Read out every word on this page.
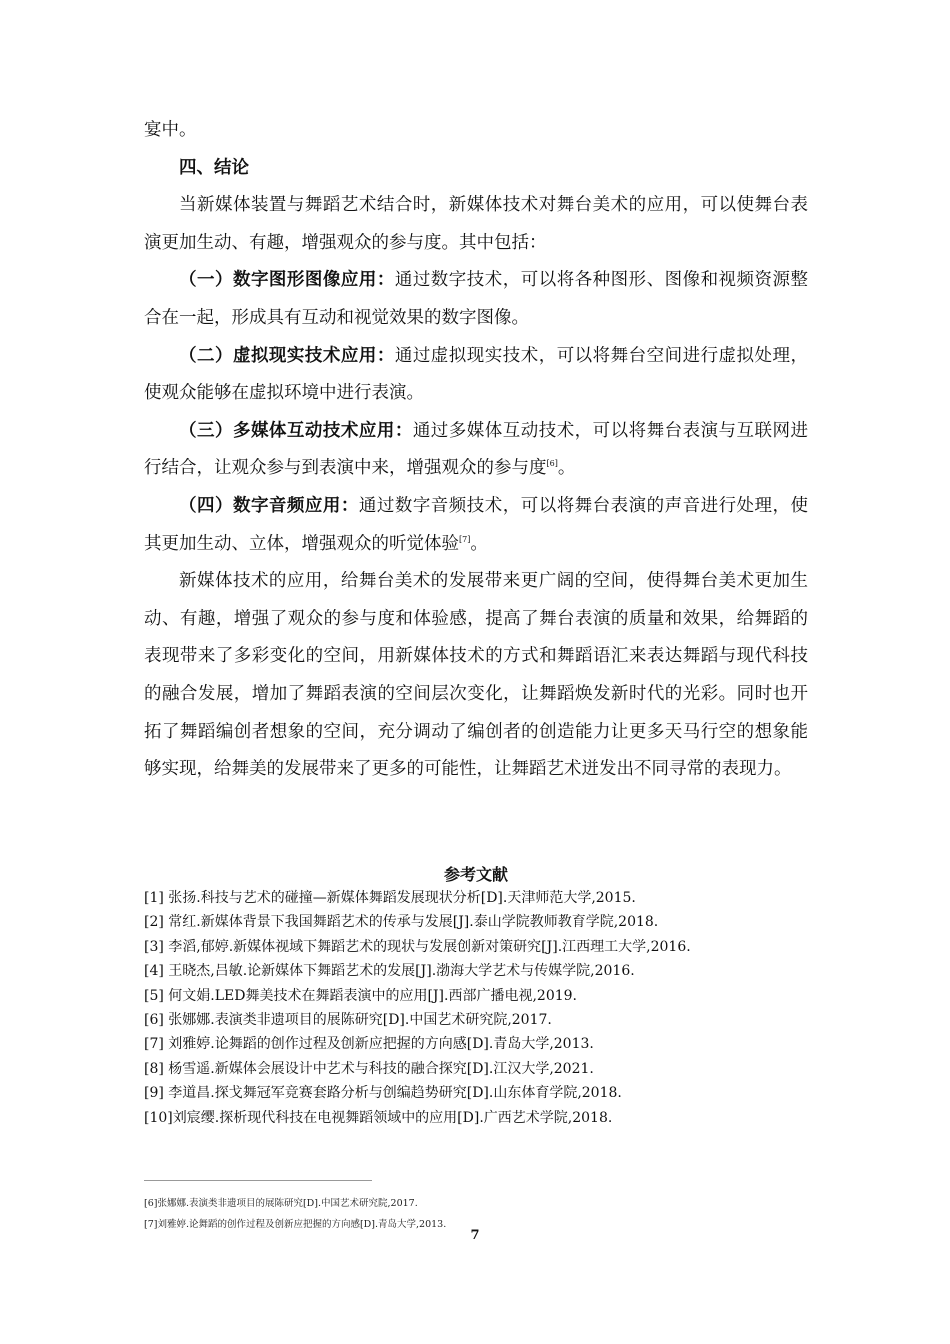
宴中。

四、结论

当新媒体装置与舞蹈艺术结合时，新媒体技术对舞台美术的应用，可以使舞台表演更加生动、有趣，增强观众的参与度。其中包括：

（一）数字图形图像应用：通过数字技术，可以将各种图形、图像和视频资源整合在一起，形成具有互动和视觉效果的数字图像。

（二）虚拟现实技术应用：通过虚拟现实技术，可以将舞台空间进行虚拟处理，使观众能够在虚拟环境中进行表演。

（三）多媒体互动技术应用：通过多媒体互动技术，可以将舞台表演与互联网进行结合，让观众参与到表演中来，增强观众的参与度[6]。

（四）数字音频应用：通过数字音频技术，可以将舞台表演的声音进行处理，使其更加生动、立体，增强观众的听觉体验[7]。

新媒体技术的应用，给舞台美术的发展带来更广阔的空间，使得舞台美术更加生动、有趣，增强了观众的参与度和体验感，提高了舞台表演的质量和效果，给舞蹈的表现带来了多彩变化的空间，用新媒体技术的方式和舞蹈语汇来表达舞蹈与现代科技的融合发展，增加了舞蹈表演的空间层次变化，让舞蹈焕发新时代的光彩。同时也开拓了舞蹈编创者想象的空间，充分调动了编创者的创造能力让更多天马行空的想象能够实现，给舞美的发展带来了更多的可能性，让舞蹈艺术迸发出不同寻常的表现力。

参考文献
[1] 张扬.科技与艺术的碰撞—新媒体舞蹈发展现状分析[D].天津师范大学,2015.
[2] 常红.新媒体背景下我国舞蹈艺术的传承与发展[J].泰山学院教师教育学院,2018.
[3] 李滔,郁婷.新媒体视域下舞蹈艺术的现状与发展创新对策研究[J].江西理工大学,2016.
[4] 王晓杰,吕敏.论新媒体下舞蹈艺术的发展[J].渤海大学艺术与传媒学院,2016.
[5] 何文娟.LED舞美技术在舞蹈表演中的应用[J].西部广播电视,2019.
[6] 张娜娜.表演类非遗项目的展陈研究[D].中国艺术研究院,2017.
[7] 刘雅婷.论舞蹈的创作过程及创新应把握的方向感[D].青岛大学,2013.
[8] 杨雪遥.新媒体会展设计中艺术与科技的融合探究[D].江汉大学,2021.
[9] 李道昌.探戈舞冠军竞赛套路分析与创编趋势研究[D].山东体育学院,2018.
[10]刘宸缨.探析现代科技在电视舞蹈领域中的应用[D].广西艺术学院,2018.
[6]张娜娜.表演类非遗项目的展陈研究[D].中国艺术研究院,2017.
[7]刘雅婷.论舞蹈的创作过程及创新应把握的方向感[D].青岛大学,2013.
7
